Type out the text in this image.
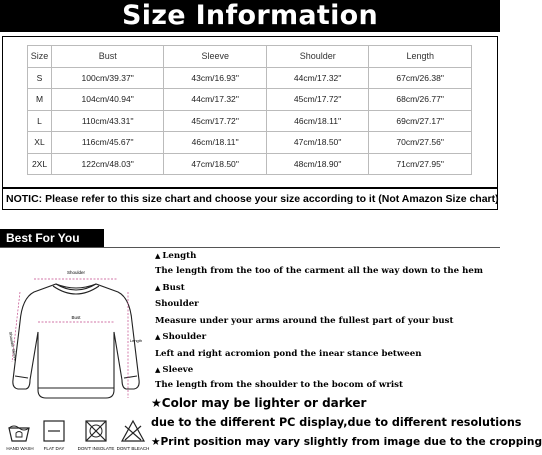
Size Information
Size	Bust	Sleeve	Shoulder	Length
S	100cm/39.37''	43cm/16.93''	44cm/17.32''	67cm/26.38''
M	104cm/40.94''	44cm/17.32''	45cm/17.72''	68cm/26.77''
L	110cm/43.31''	45cm/17.72''	46cm/18.11''	69cm/27.17''
XL	116cm/45.67''	46cm/18.11''	47cm/18.50''	70cm/27.56''
2XL	122cm/48.03''	47cm/18.50''	48cm/18.90''	71cm/27.95''
NOTIC: Please refer to this size chart and choose your size according to it (Not Amazon Size chart)
Best For You
Shoulder
Bust
Length
Shoulder Sleeve
▲ Length
The length from the too of the carment all the way down to the hem
▲ Bust
Shoulder
Measure under your arms around the fullest part of your bust
▲ Shoulder
Left and right acromion pond the inear stance between
▲ Sleeve
The length from the shoulder to the bocom of wrist
★Color may be lighter or darker
due to the different PC display,due to different resolutions
★Print position may vary slightly from image due to the cropping
HAND WASH	FLAT DAY	DON'T INSOLATE DON'T BLEACH
